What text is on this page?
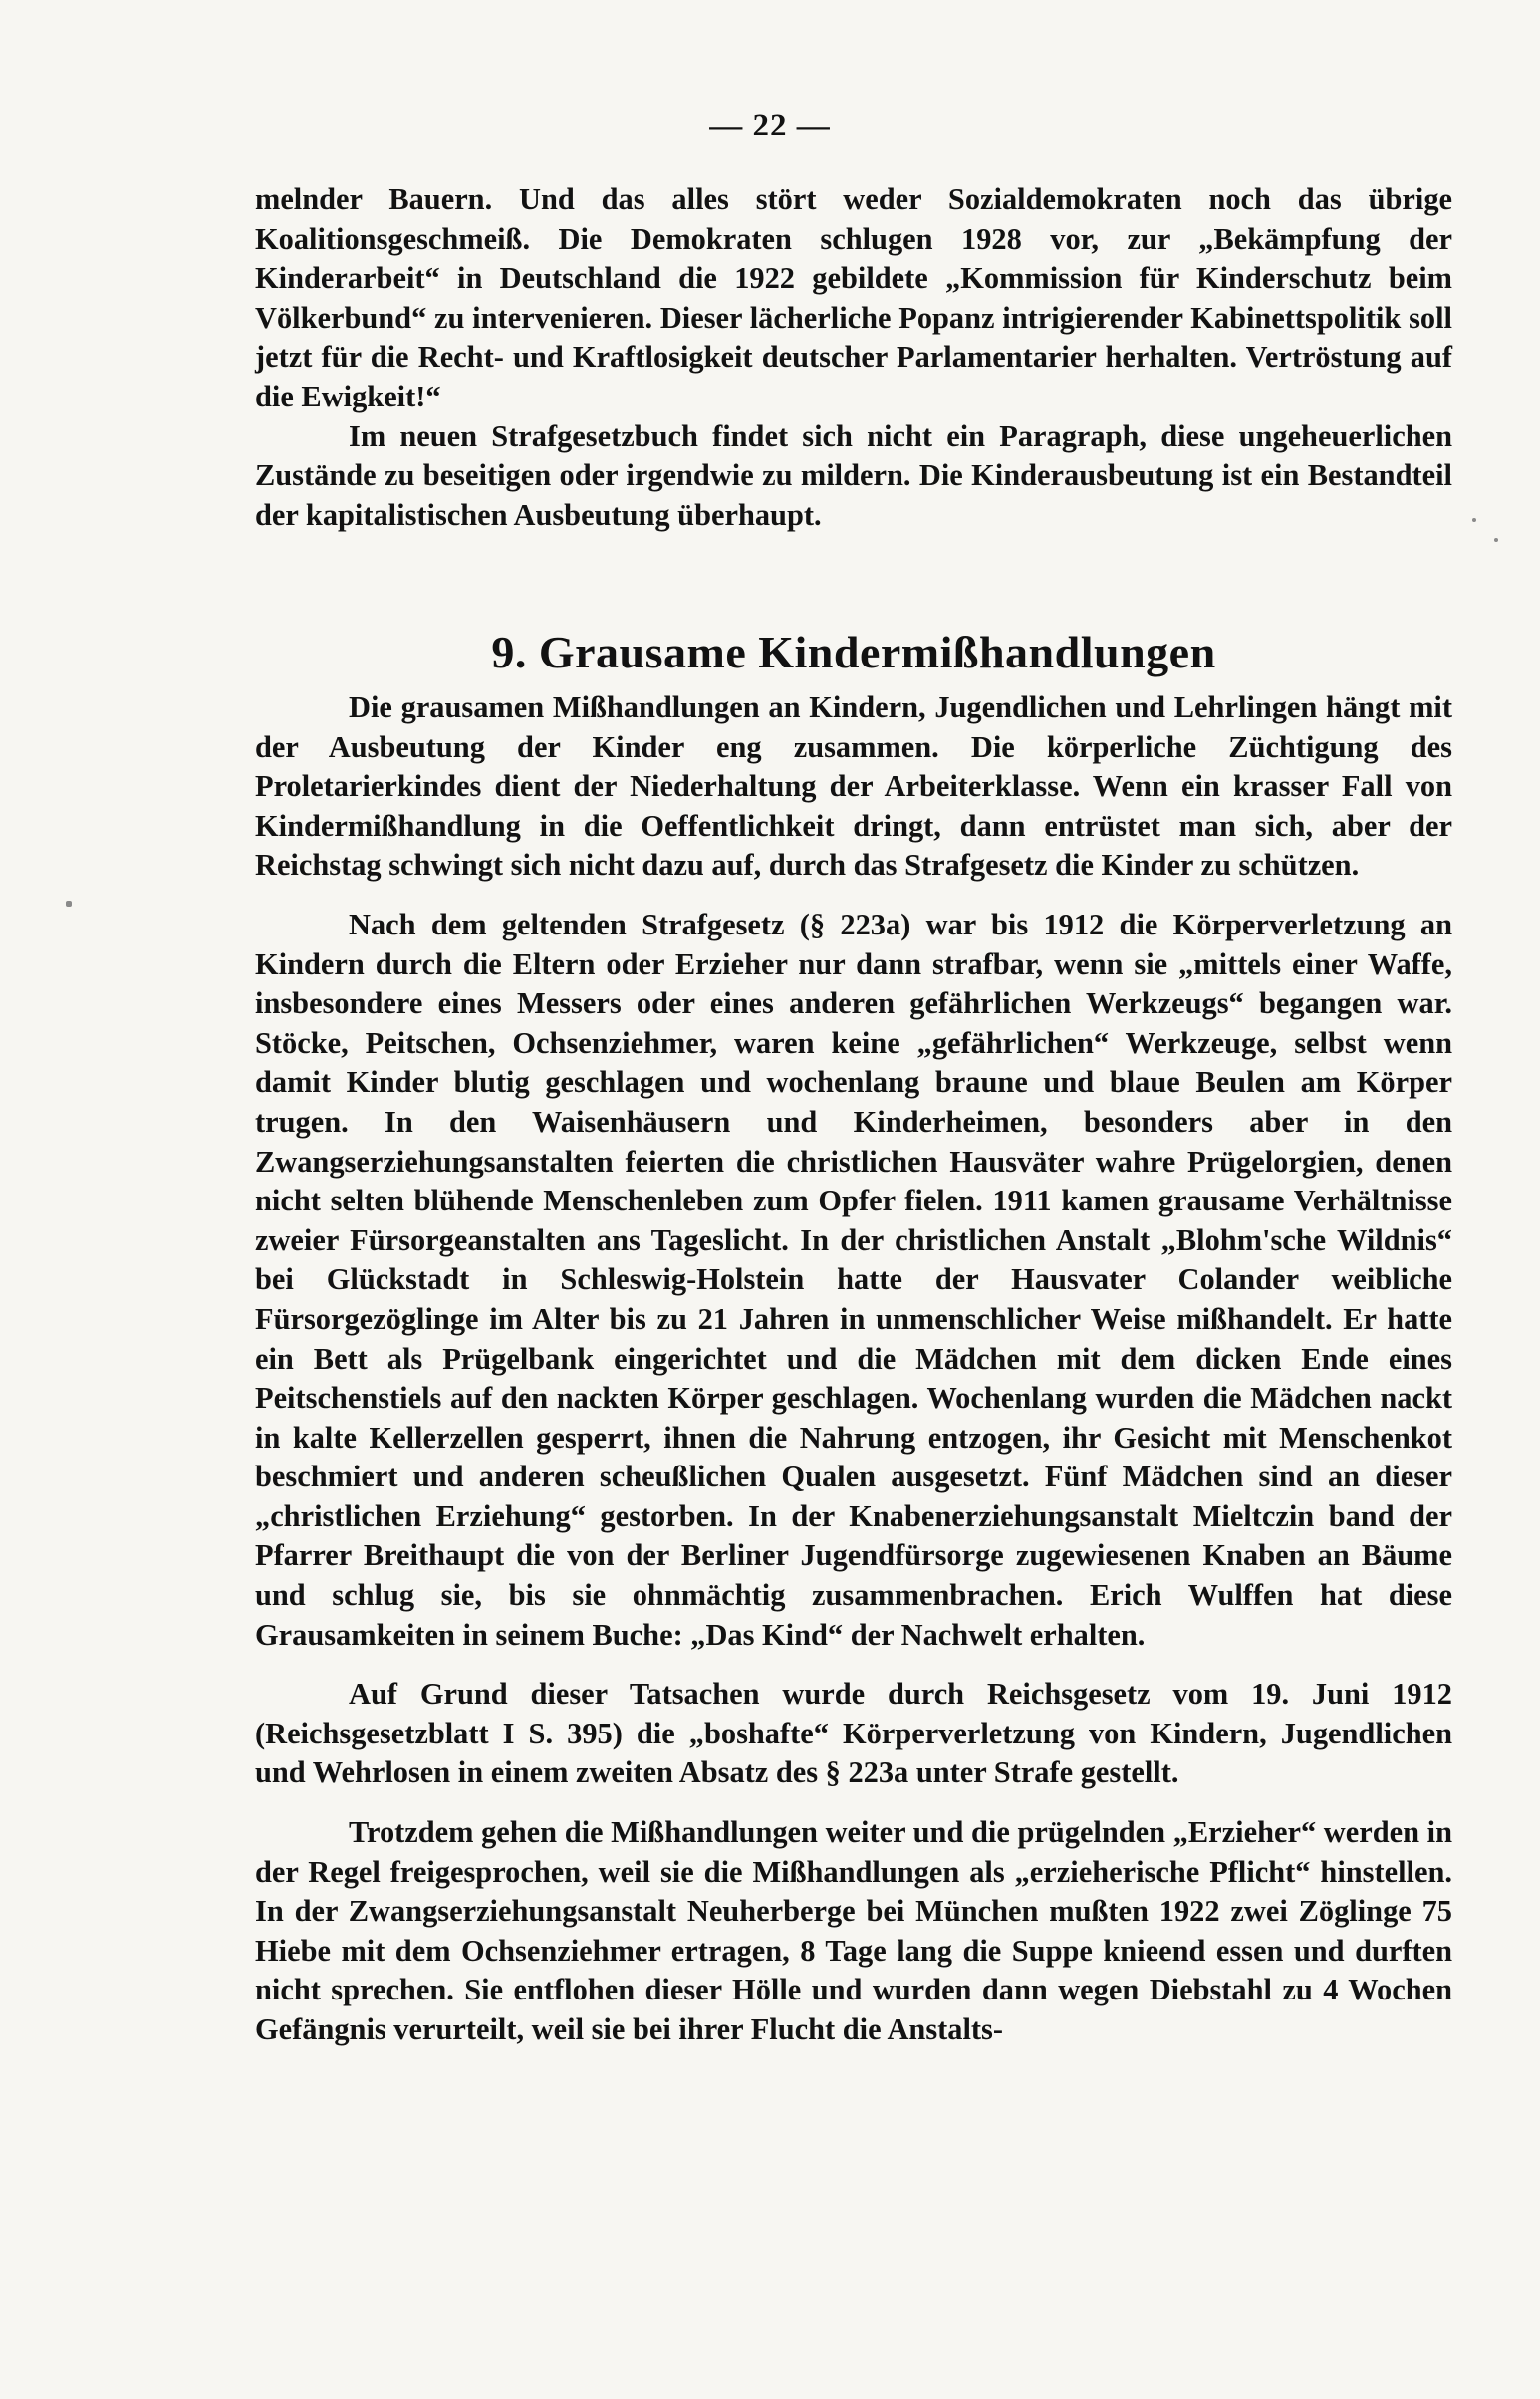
— 22 —

melnder Bauern. Und das alles stört weder Sozialdemokraten noch das übrige Koalitionsgeschmeiß. Die Demokraten schlugen 1928 vor, zur „Bekämpfung der Kinderarbeit“ in Deutschland die 1922 gebildete „Kommission für Kinderschutz beim Völkerbund“ zu intervenieren. Dieser lächerliche Popanz intrigierender Kabinettspolitik soll jetzt für die Recht- und Kraftlosigkeit deutscher Parlamentarier herhalten. Vertröstung auf die Ewigkeit!“

Im neuen Strafgesetzbuch findet sich nicht ein Paragraph, diese ungeheuerlichen Zustände zu beseitigen oder irgendwie zu mildern. Die Kinderausbeutung ist ein Bestandteil der kapitalistischen Ausbeutung überhaupt.

9. Grausame Kindermißhandlungen

Die grausamen Mißhandlungen an Kindern, Jugendlichen und Lehrlingen hängt mit der Ausbeutung der Kinder eng zusammen. Die körperliche Züchtigung des Proletarierkindes dient der Niederhaltung der Arbeiterklasse. Wenn ein krasser Fall von Kindermißhandlung in die Oeffentlichkeit dringt, dann entrüstet man sich, aber der Reichstag schwingt sich nicht dazu auf, durch das Strafgesetz die Kinder zu schützen.

Nach dem geltenden Strafgesetz (§ 223a) war bis 1912 die Körperverletzung an Kindern durch die Eltern oder Erzieher nur dann strafbar, wenn sie „mittels einer Waffe, insbesondere eines Messers oder eines anderen gefährlichen Werkzeugs“ begangen war. Stöcke, Peitschen, Ochsenziehmer, waren keine „gefährlichen“ Werkzeuge, selbst wenn damit Kinder blutig geschlagen und wochenlang braune und blaue Beulen am Körper trugen. In den Waisenhäusern und Kinderheimen, besonders aber in den Zwangserziehungsanstalten feierten die christlichen Hausväter wahre Prügelorgien, denen nicht selten blühende Menschenleben zum Opfer fielen. 1911 kamen grausame Verhältnisse zweier Fürsorgeanstalten ans Tageslicht. In der christlichen Anstalt „Blohm'sche Wildnis“ bei Glückstadt in Schleswig-Holstein hatte der Hausvater Colander weibliche Fürsorgezöglinge im Alter bis zu 21 Jahren in unmenschlicher Weise mißhandelt. Er hatte ein Bett als Prügelbank eingerichtet und die Mädchen mit dem dicken Ende eines Peitschenstiels auf den nackten Körper geschlagen. Wochenlang wurden die Mädchen nackt in kalte Kellerzellen gesperrt, ihnen die Nahrung entzogen, ihr Gesicht mit Menschenkot beschmiert und anderen scheußlichen Qualen ausgesetzt. Fünf Mädchen sind an dieser „christlichen Erziehung“ gestorben. In der Knabenerziehungsanstalt Mieltczin band der Pfarrer Breithaupt die von der Berliner Jugendfürsorge zugewiesenen Knaben an Bäume und schlug sie, bis sie ohnmächtig zusammenbrachen. Erich Wulffen hat diese Grausamkeiten in seinem Buche: „Das Kind“ der Nachwelt erhalten.

Auf Grund dieser Tatsachen wurde durch Reichsgesetz vom 19. Juni 1912 (Reichsgesetzblatt I S. 395) die „boshafte“ Körperverletzung von Kindern, Jugendlichen und Wehrlosen in einem zweiten Absatz des § 223a unter Strafe gestellt.

Trotzdem gehen die Mißhandlungen weiter und die prügelnden „Erzieher“ werden in der Regel freigesprochen, weil sie die Mißhandlungen als „erzieherische Pflicht“ hinstellen. In der Zwangserziehungsanstalt Neuherberge bei München mußten 1922 zwei Zöglinge 75 Hiebe mit dem Ochsenziehmer ertragen, 8 Tage lang die Suppe knieend essen und durften nicht sprechen. Sie entflohen dieser Hölle und wurden dann wegen Diebstahl zu 4 Wochen Gefängnis verurteilt, weil sie bei ihrer Flucht die Anstalts-
